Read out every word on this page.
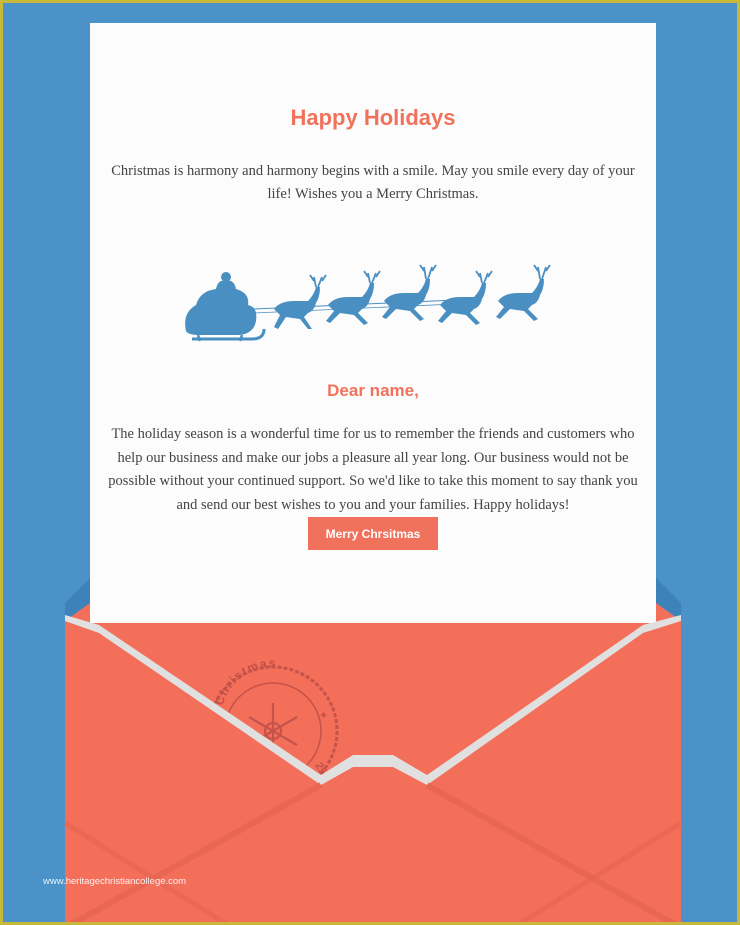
Happy Holidays
Christmas is harmony and harmony begins with a smile. May you smile every day of your life! Wishes you a Merry Christmas.
Dear name,
The holiday season is a wonderful time for us to remember the friends and customers who help our business and make our jobs a pleasure all year long. Our business would not be possible without your continued support. So we'd like to take this moment to say thank you and send our best wishes to you and your families. Happy holidays!
Merry Chrsitmas
Christmas
25
✦
www.heritagechristiancollege.com
